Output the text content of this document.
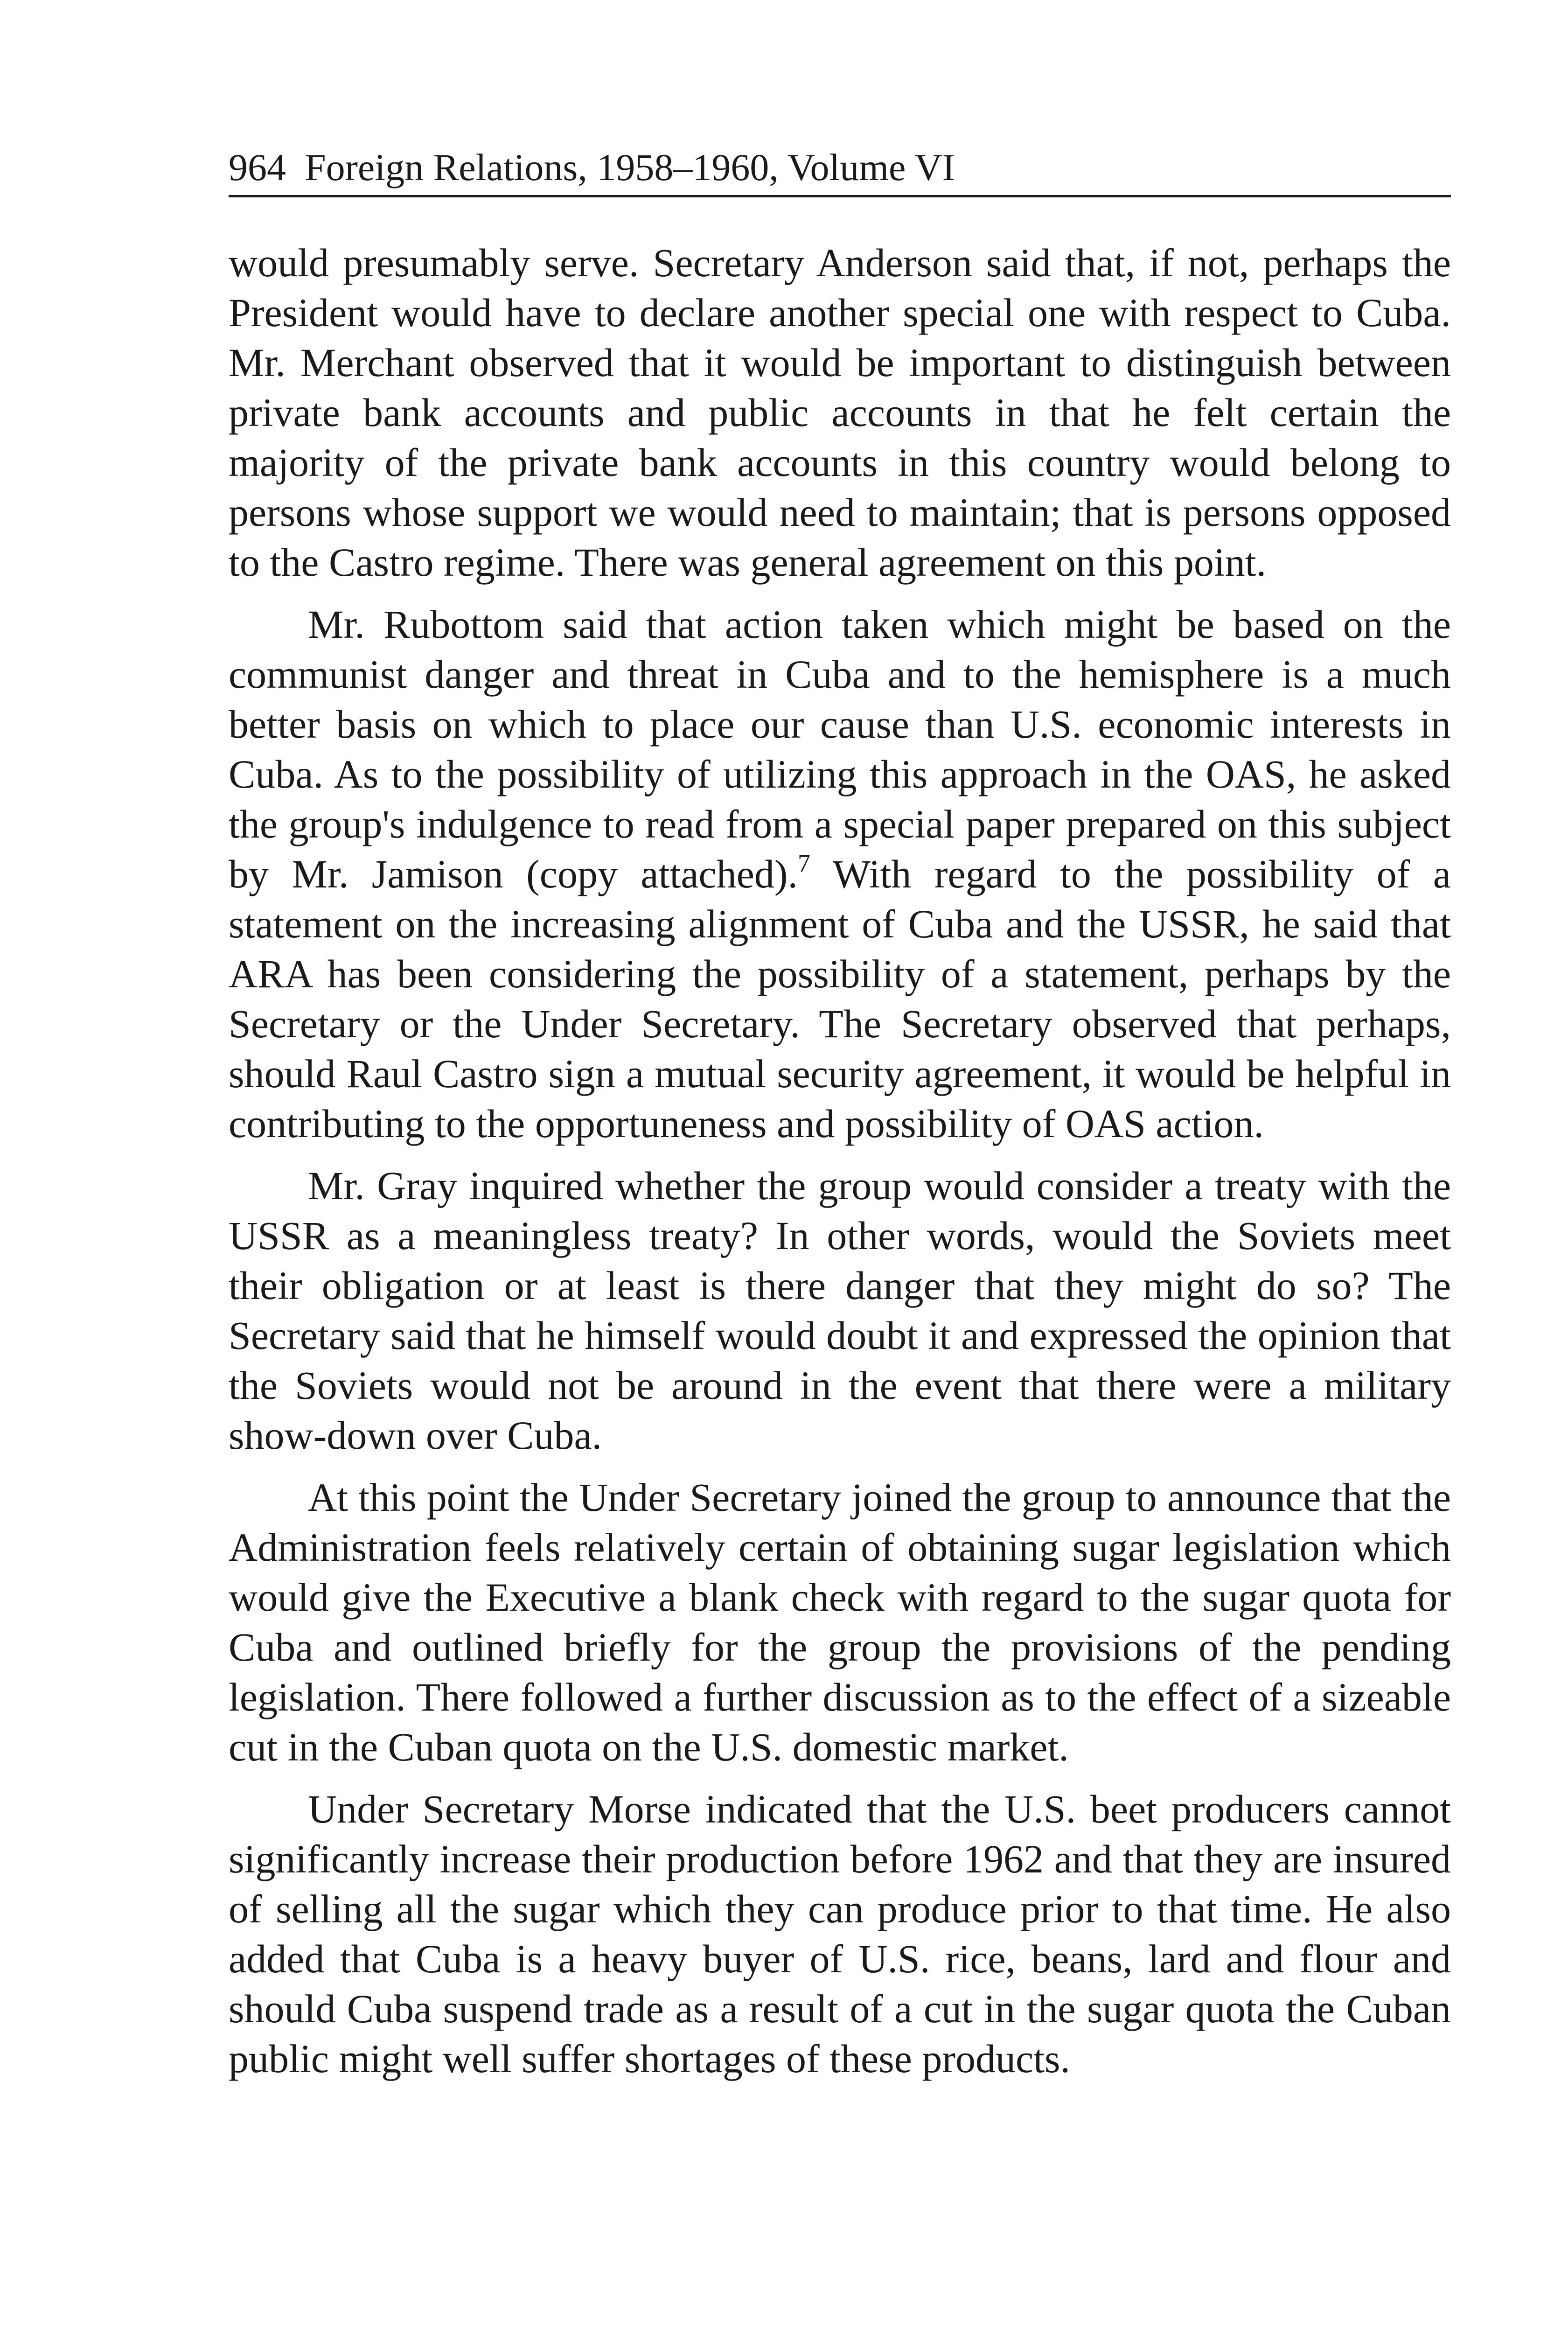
964 Foreign Relations, 1958–1960, Volume VI

would presumably serve. Secretary Anderson said that, if not, perhaps the President would have to declare another special one with respect to Cuba. Mr. Merchant observed that it would be important to distinguish between private bank accounts and public accounts in that he felt certain the majority of the private bank accounts in this country would belong to persons whose support we would need to maintain; that is persons opposed to the Castro regime. There was general agreement on this point.

Mr. Rubottom said that action taken which might be based on the communist danger and threat in Cuba and to the hemisphere is a much better basis on which to place our cause than U.S. economic interests in Cuba. As to the possibility of utilizing this approach in the OAS, he asked the group's indulgence to read from a special paper prepared on this subject by Mr. Jamison (copy attached).$^7$ With regard to the possibility of a statement on the increasing alignment of Cuba and the USSR, he said that ARA has been considering the possibility of a statement, perhaps by the Secretary or the Under Secretary. The Secretary observed that perhaps, should Raul Castro sign a mutual security agreement, it would be helpful in contributing to the opportuneness and possibility of OAS action.

Mr. Gray inquired whether the group would consider a treaty with the USSR as a meaningless treaty? In other words, would the Soviets meet their obligation or at least is there danger that they might do so? The Secretary said that he himself would doubt it and expressed the opinion that the Soviets would not be around in the event that there were a military show-down over Cuba.

At this point the Under Secretary joined the group to announce that the Administration feels relatively certain of obtaining sugar legislation which would give the Executive a blank check with regard to the sugar quota for Cuba and outlined briefly for the group the provisions of the pending legislation. There followed a further discussion as to the effect of a sizeable cut in the Cuban quota on the U.S. domestic market.

Under Secretary Morse indicated that the U.S. beet producers cannot significantly increase their production before 1962 and that they are insured of selling all the sugar which they can produce prior to that time. He also added that Cuba is a heavy buyer of U.S. rice, beans, lard and flour and should Cuba suspend trade as a result of a cut in the sugar quota the Cuban public might well suffer shortages of these products.
